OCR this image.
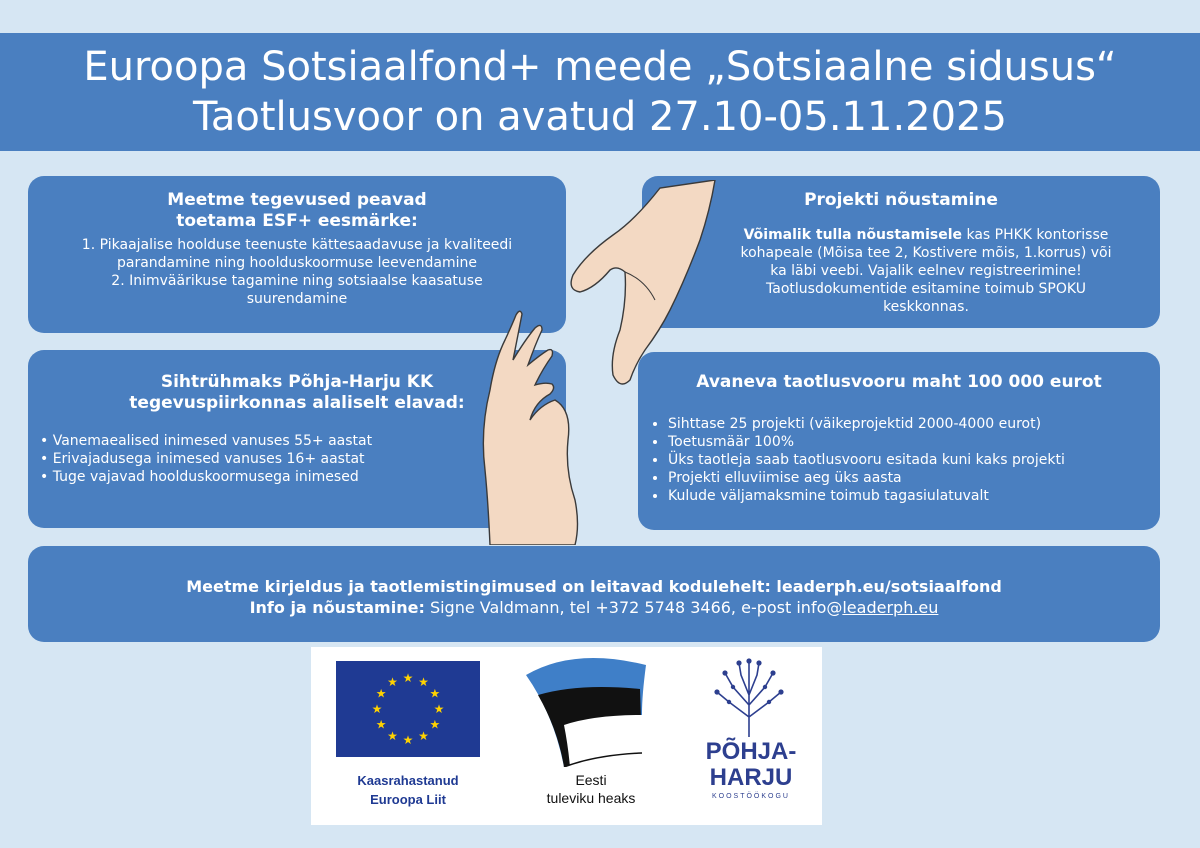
Euroopa Sotsiaalfond+ meede „Sotsiaalne sidusus“
Taotlusvoor on avatud 27.10-05.11.2025
Meetme tegevused peavad
toetama ESF+ eesmärke:
1. Pikaajalise hoolduse teenuste kättesaadavuse ja kvaliteedi
parandamine ning hoolduskoormuse leevendamine
2. Inimväärikuse tagamine ning sotsiaalse kaasatuse
suurendamine
Sihtrühmaks Põhja-Harju KK
tegevuspiirkonnas alaliselt elavad:
• Vanemaealised inimesed vanuses 55+ aastat
• Erivajadusega inimesed vanuses 16+ aastat
• Tuge vajavad hoolduskoormusega inimesed
Projekti nõustamine
Võimalik tulla nõustamisele kas PHKK kontorisse
kohapeale (Mõisa tee 2, Kostivere mõis, 1.korrus) või
ka läbi veebi. Vajalik eelnev registreerimine!
Taotlusdokumentide esitamine toimub SPOKU
keskkonnas.
Avaneva taotlusvooru maht 100 000 eurot
• Sihttase 25 projekti (väikeprojektid 2000-4000 eurot)
• Toetusmäär 100%
• Üks taotleja saab taotlusvooru esitada kuni kaks projekti
• Projekti elluviimise aeg üks aasta
• Kulude väljamaksmine toimub tagasiulatuvalt
Meetme kirjeldus ja taotlemistingimused on leitavad kodulehelt: leaderph.eu/sotsiaalfond
Info ja nõustamine: Signe Valdmann, tel +372 5748 3466, e-post info@leaderph.eu
★ ★
★
★
★
★
★
★
★
★
★
★
Kaasrahastanud
Euroopa Liit
Eesti
tuleviku heaks
PÕHJA-
HARJU
KOOSTÖÖKOGU
